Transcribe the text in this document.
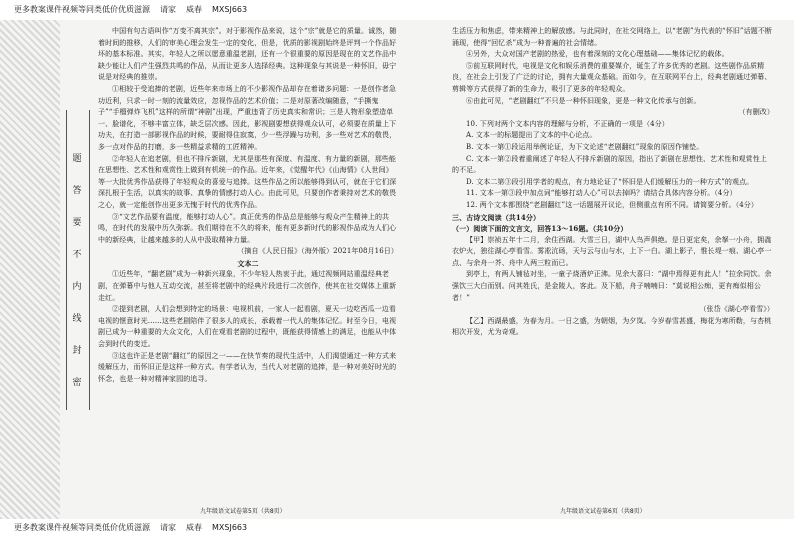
更多教案课件视频等同类低价优质滋源 请家 威春 MXSJ663
题
答
要
不
内
线
封
密

中国有句古语叫作“万变不离其宗”。对于影视作品来说，这个“宗”就是它的质量。诚然，随着时间的推移，人们的审美心理会发生一定的变化，但是，优质的影视剧始终是评判一个作品好坏的基本标准。其实，年轻人之所以愿意重温老剧，还有一个很重要的原因是现在的文艺作品中缺少能让人们产生强烈共鸣的作品，从而让更多人选择经典。这种现象与其说是一种怀旧，毋宁说是对经典的推崇。

①相较于受追捧的老剧，近些年来市场上的不少影视作品却存在着诸多问题：一是创作者急功近利，只求一时一刻的流量效应，忽视作品的艺术价值；二是对原著改编随意，“手撕鬼子”“手榴弹炸飞机”这样的所谓“神剧”出现，严重违背了历史真实和常识；三是人物形象塑造单一、脸谱化，不够丰富立体，缺乏层次感。因此，影视剧要想获得观众认可，必须要在质量上下功夫，在打造一部影视作品的时候，要耐得住寂寞，少一些浮躁与功利，多一些对艺术的敬畏，多一点对作品的打磨，多一些精益求精的工匠精神。

②年轻人在追老剧，但也不排斥新剧，尤其是那些有深度、有温度、有力量的新剧，那些能在思想性、艺术性和观赏性上做到有机统一的作品。近年来，《觉醒年代》《山海情》《人世间》等一大批优秀作品获得了年轻观众的喜爱与追捧。这些作品之所以能够得到认可，就在于它们深深扎根于生活，以真实的故事、真挚的情感打动人心。由此可见，只要创作者秉持对艺术的敬畏之心，就一定能创作出更多无愧于时代的优秀作品。

③“文艺作品要有温度，能够打动人心”。真正优秀的作品总是能够与观众产生精神上的共鸣，在时代的发展中历久弥新。我们期待在不久的将来，能有更多新时代的影视作品成为人们心中的新经典，让越来越多的人从中汲取精神力量。

（摘自《人民日报》（海外版）2021年08月16日）

文本二

①近些年，“翻老剧”成为一种新兴现象，不少年轻人热衷于此，通过视频网站重温经典老剧，在弹幕中与他人互动交流，甚至将老剧中的经典片段进行二次创作，使其在社交媒体上重新走红。

②提到老剧，人们会想到特定的场景：电视机前，一家人一起看剧，夏天一边吃西瓜一边看电视的惬意时光……这些老剧陪伴了很多人的成长，承载着一代人的集体记忆。时至今日，电视剧已成为一种重要的大众文化，人们在观看老剧的过程中，既能获得情感上的满足，也能从中体会到时代的变迁。

③这也许正是老剧“翻红”的原因之一——在快节奏的现代生活中，人们渴望通过一种方式来缓解压力，而怀旧正是这样一种方式。有学者认为，当代人对老剧的追捧，是一种对美好时光的怀念，也是一种对精神家园的追寻。

九年级语文试卷第5页（共8页）

生活压力和焦虑，带来精神上的解放感。与此同时，在社交网络上，以“老剧”为代表的“怀旧”话题不断涌现，使得“回忆杀”成为一种普遍的社会情绪。

④另外，大众对国产老剧的热爱，也有着深刻的文化心理基础——集体记忆的载体。

⑤前互联网时代，电视是文化和娱乐消费的重要媒介，诞生了许多优秀的老剧。这些剧作品质精良，在社会上引发了广泛的讨论，拥有大量观众基础。而如今，在互联网平台上，经典老剧通过弹幕、剪辑等方式获得了新的生命力，吸引了更多的年轻观众。

⑥由此可见，“老剧翻红”不只是一种怀旧现象，更是一种文化传承与创新。

（有删改）

10. 下列对两个文本内容的理解与分析，不正确的一项是（4分）

A. 文本一的标题提出了文本的中心论点。

B. 文本一第①段运用举例论证，为下文论述“老剧翻红”现象的原因作铺垫。

C. 文本一第②段着重阐述了年轻人不排斥新剧的原因，指出了新剧在思想性、艺术性和观赏性上的不足。

D. 文本二第③段引用学者的观点，有力地论证了“怀旧是人们缓解压力的一种方式”的观点。

11. 文本一第③段中加点词“能够打动人心”可以去掉吗？请结合具体内容分析。（4分）

12. 两个文本都围绕“老剧翻红”这一话题展开议论，但侧重点有所不同。请简要分析。（4分）

三、古诗文阅读（共14分）

（一）阅读下面的文言文，回答13～16题。（共10分）

【甲】崇祯五年十二月，余住西湖。大雪三日，湖中人鸟声俱绝。是日更定矣，余拏一小舟，拥毳衣炉火，独往湖心亭看雪。雾凇沆砀，天与云与山与水，上下一白。湖上影子，惟长堤一痕、湖心亭一点、与余舟一芥、舟中人两三粒而已。

到亭上，有两人铺毡对坐，一童子烧酒炉正沸。见余大喜曰：“湖中焉得更有此人！”拉余同饮。余强饮三大白而别。问其姓氏，是金陵人，客此。及下船，舟子喃喃曰：“莫说相公痴，更有痴似相公者！”

（张岱《湖心亭看雪》）

【乙】西湖最盛，为春为月。一日之盛，为朝烟，为夕岚。今岁春雪甚盛，梅花为寒所勒，与杏桃相次开发，尤为奇观。

九年级语文试卷第6页（共8页）
更多教案课件视频等同类低价优质滋源 请家 威春 MXSJ663
